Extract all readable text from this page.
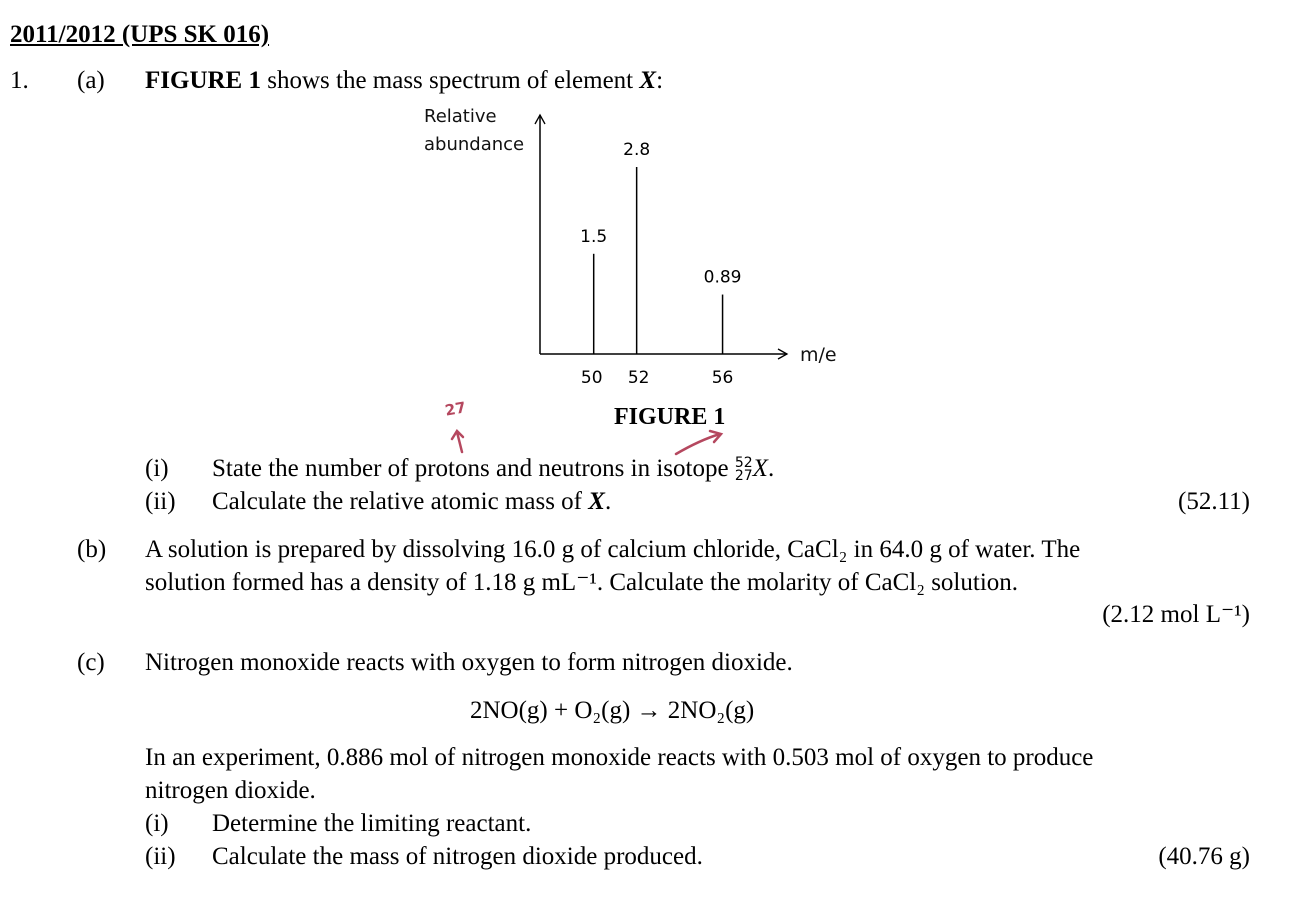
2011/2012 (UPS SK 016)
1. (a) FIGURE 1 shows the mass spectrum of element X:
1.5
50
2.8
52
0.89
56
Relative
abundance
m/e
FIGURE 1
27
(i) State the number of protons and neutrons in isotope 52
27 X.
(ii) Calculate the relative atomic mass of X.	(52.11)
(b) A solution is prepared by dissolving 16.0 g of calcium chloride, CaCl₂ in 64.0 g of water. The
solution formed has a density of 1.18 g mL⁻¹. Calculate the molarity of CaCl₂ solution.
(2.12 mol L⁻¹)
(c) Nitrogen monoxide reacts with oxygen to form nitrogen dioxide.
2NO(g) + O₂(g) → 2NO₂(g)
In an experiment, 0.886 mol of nitrogen monoxide reacts with 0.503 mol of oxygen to produce
nitrogen dioxide.
(i) Determine the limiting reactant.
(ii) Calculate the mass of nitrogen dioxide produced.	(40.76 g)
